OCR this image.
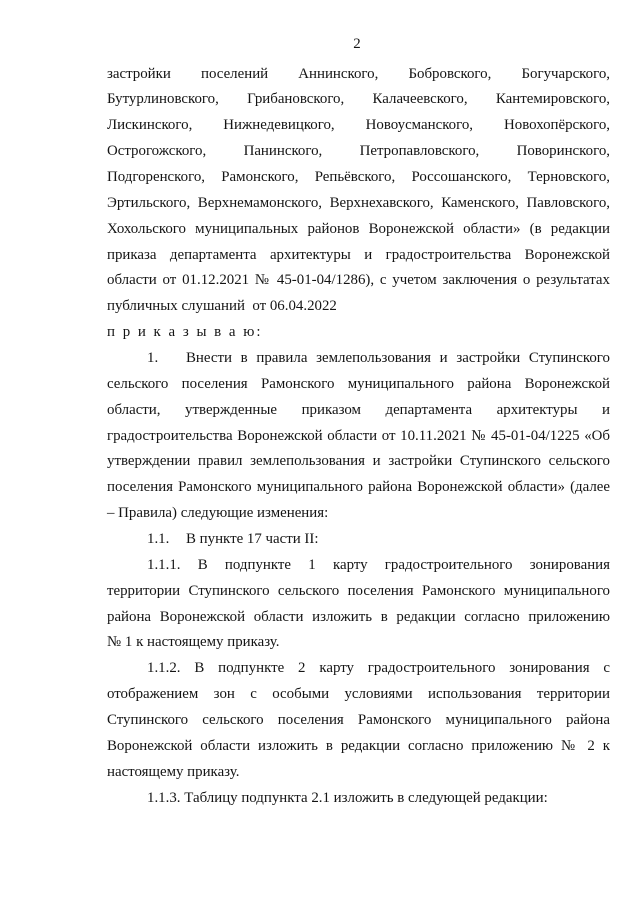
2
застройки поселений Аннинского, Бобровского, Богучарского,
Бутурлиновского, Грибановского, Калачеевского, Кантемировского,
Лискинского, Нижнедевицкого, Новоусманского, Новохопёрского,
Острогожского, Панинского, Петропавловского, Поворинского,
Подгоренского, Рамонского, Репьёвского, Россошанского, Терновского,
Эртильского, Верхнемамонского, Верхнехавского, Каменского, Павловского,
Хохольского муниципальных районов Воронежской области» (в редакции
приказа департамента архитектуры и градостроительства Воронежской
области от 01.12.2021 № 45-01-04/1286), с учетом заключения о результатах
публичных слушаний  от 06.04.2022
п р и к а з ы в а ю:
1.	Внести в правила землепользования и застройки Ступинского
сельского поселения Рамонского муниципального района Воронежской
области, утвержденные приказом департамента архитектуры и
градостроительства Воронежской области от 10.11.2021 № 45-01-04/1225 «Об
утверждении правил землепользования и застройки Ступинского сельского
поселения Рамонского муниципального района Воронежской области» (далее
– Правила) следующие изменения:
1.1.	В пункте 17 части II:
1.1.1. В подпункте 1 карту градостроительного зонирования
территории Ступинского сельского поселения Рамонского муниципального
района Воронежской области изложить в редакции согласно приложению
№ 1 к настоящему приказу.
1.1.2. В подпункте 2 карту градостроительного зонирования с
отображением зон с особыми условиями использования территории
Ступинского сельского поселения Рамонского муниципального района
Воронежской области изложить в редакции согласно приложению № 2 к
настоящему приказу.
1.1.3. Таблицу подпункта 2.1 изложить в следующей редакции:
